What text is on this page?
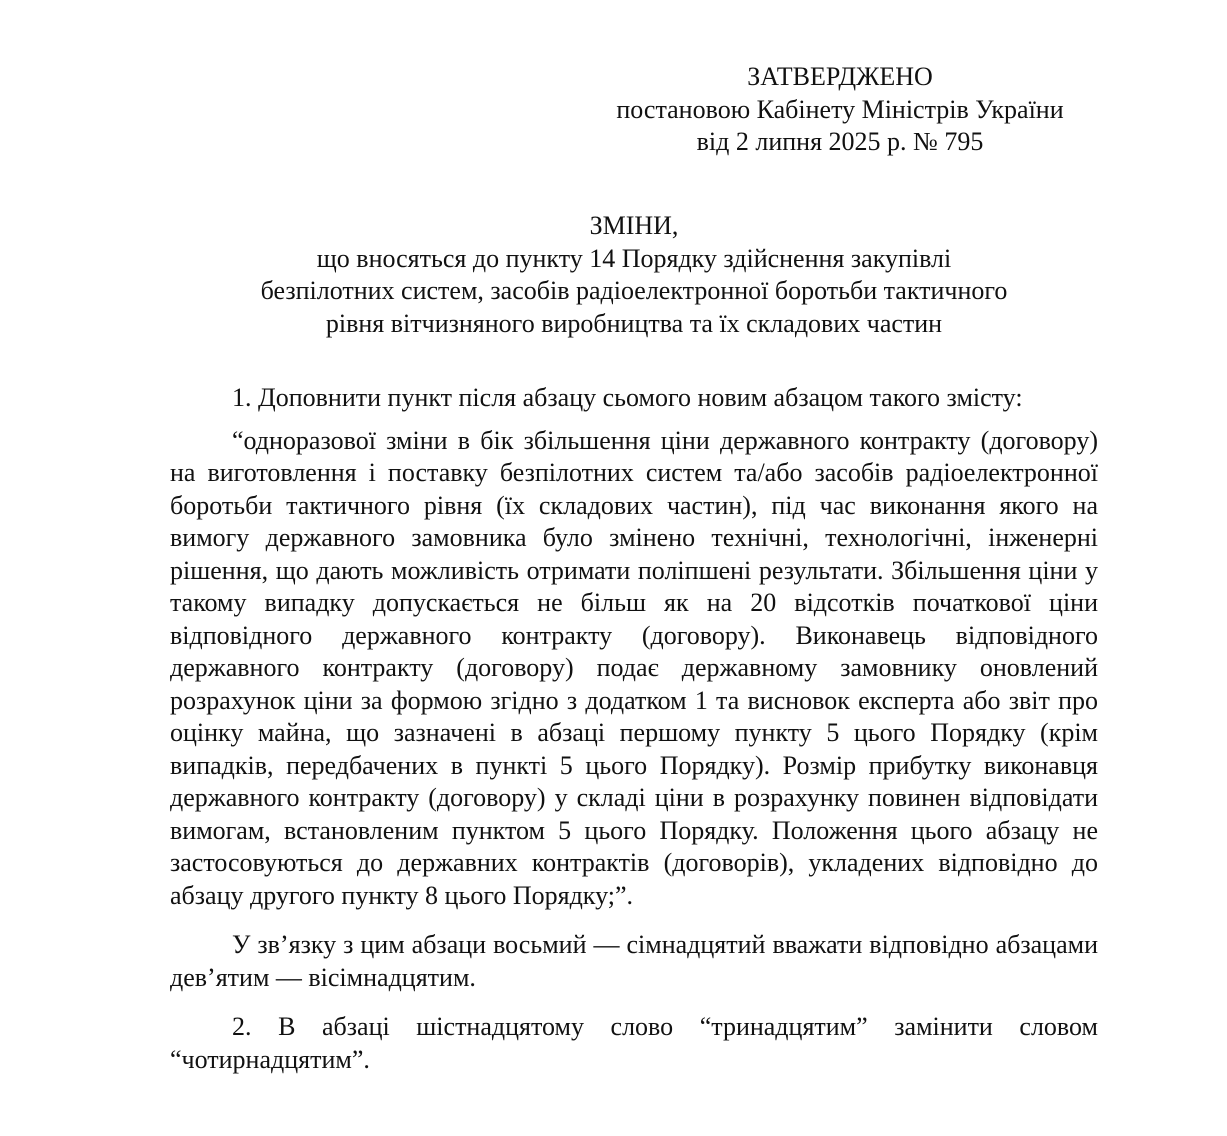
ЗАТВЕРДЖЕНО
постановою Кабінету Міністрів України
від 2 липня 2025 р. № 795
ЗМІНИ,
що вносяться до пункту 14 Порядку здійснення закупівлі
безпілотних систем, засобів радіоелектронної боротьби тактичного
рівня вітчизняного виробництва та їх складових частин

1. Доповнити пункт після абзацу сьомого новим абзацом такого змісту:

“одноразової зміни в бік збільшення ціни державного контракту (договору) на виготовлення і поставку безпілотних систем та/або засобів радіоелектронної боротьби тактичного рівня (їх складових частин), під час виконання якого на вимогу державного замовника було змінено технічні, технологічні, інженерні рішення, що дають можливість отримати поліпшені результати. Збільшення ціни у такому випадку допускається не більш як на 20 відсотків початкової ціни відповідного державного контракту (договору). Виконавець відповідного державного контракту (договору) подає державному замовнику оновлений розрахунок ціни за формою згідно з додатком 1 та висновок експерта або звіт про оцінку майна, що зазначені в абзаці першому пункту 5 цього Порядку (крім випадків, передбачених в пункті 5 цього Порядку). Розмір прибутку виконавця державного контракту (договору) у складі ціни в розрахунку повинен відповідати вимогам, встановленим пунктом 5 цього Порядку. Положення цього абзацу не застосовуються до державних контрактів (договорів), укладених відповідно до абзацу другого пункту 8 цього Порядку;”.

У зв’язку з цим абзаци восьмий — сімнадцятий вважати відповідно абзацами дев’ятим — вісімнадцятим.

2. В абзаці шістнадцятому слово “тринадцятим” замінити словом “чотирнадцятим”.
